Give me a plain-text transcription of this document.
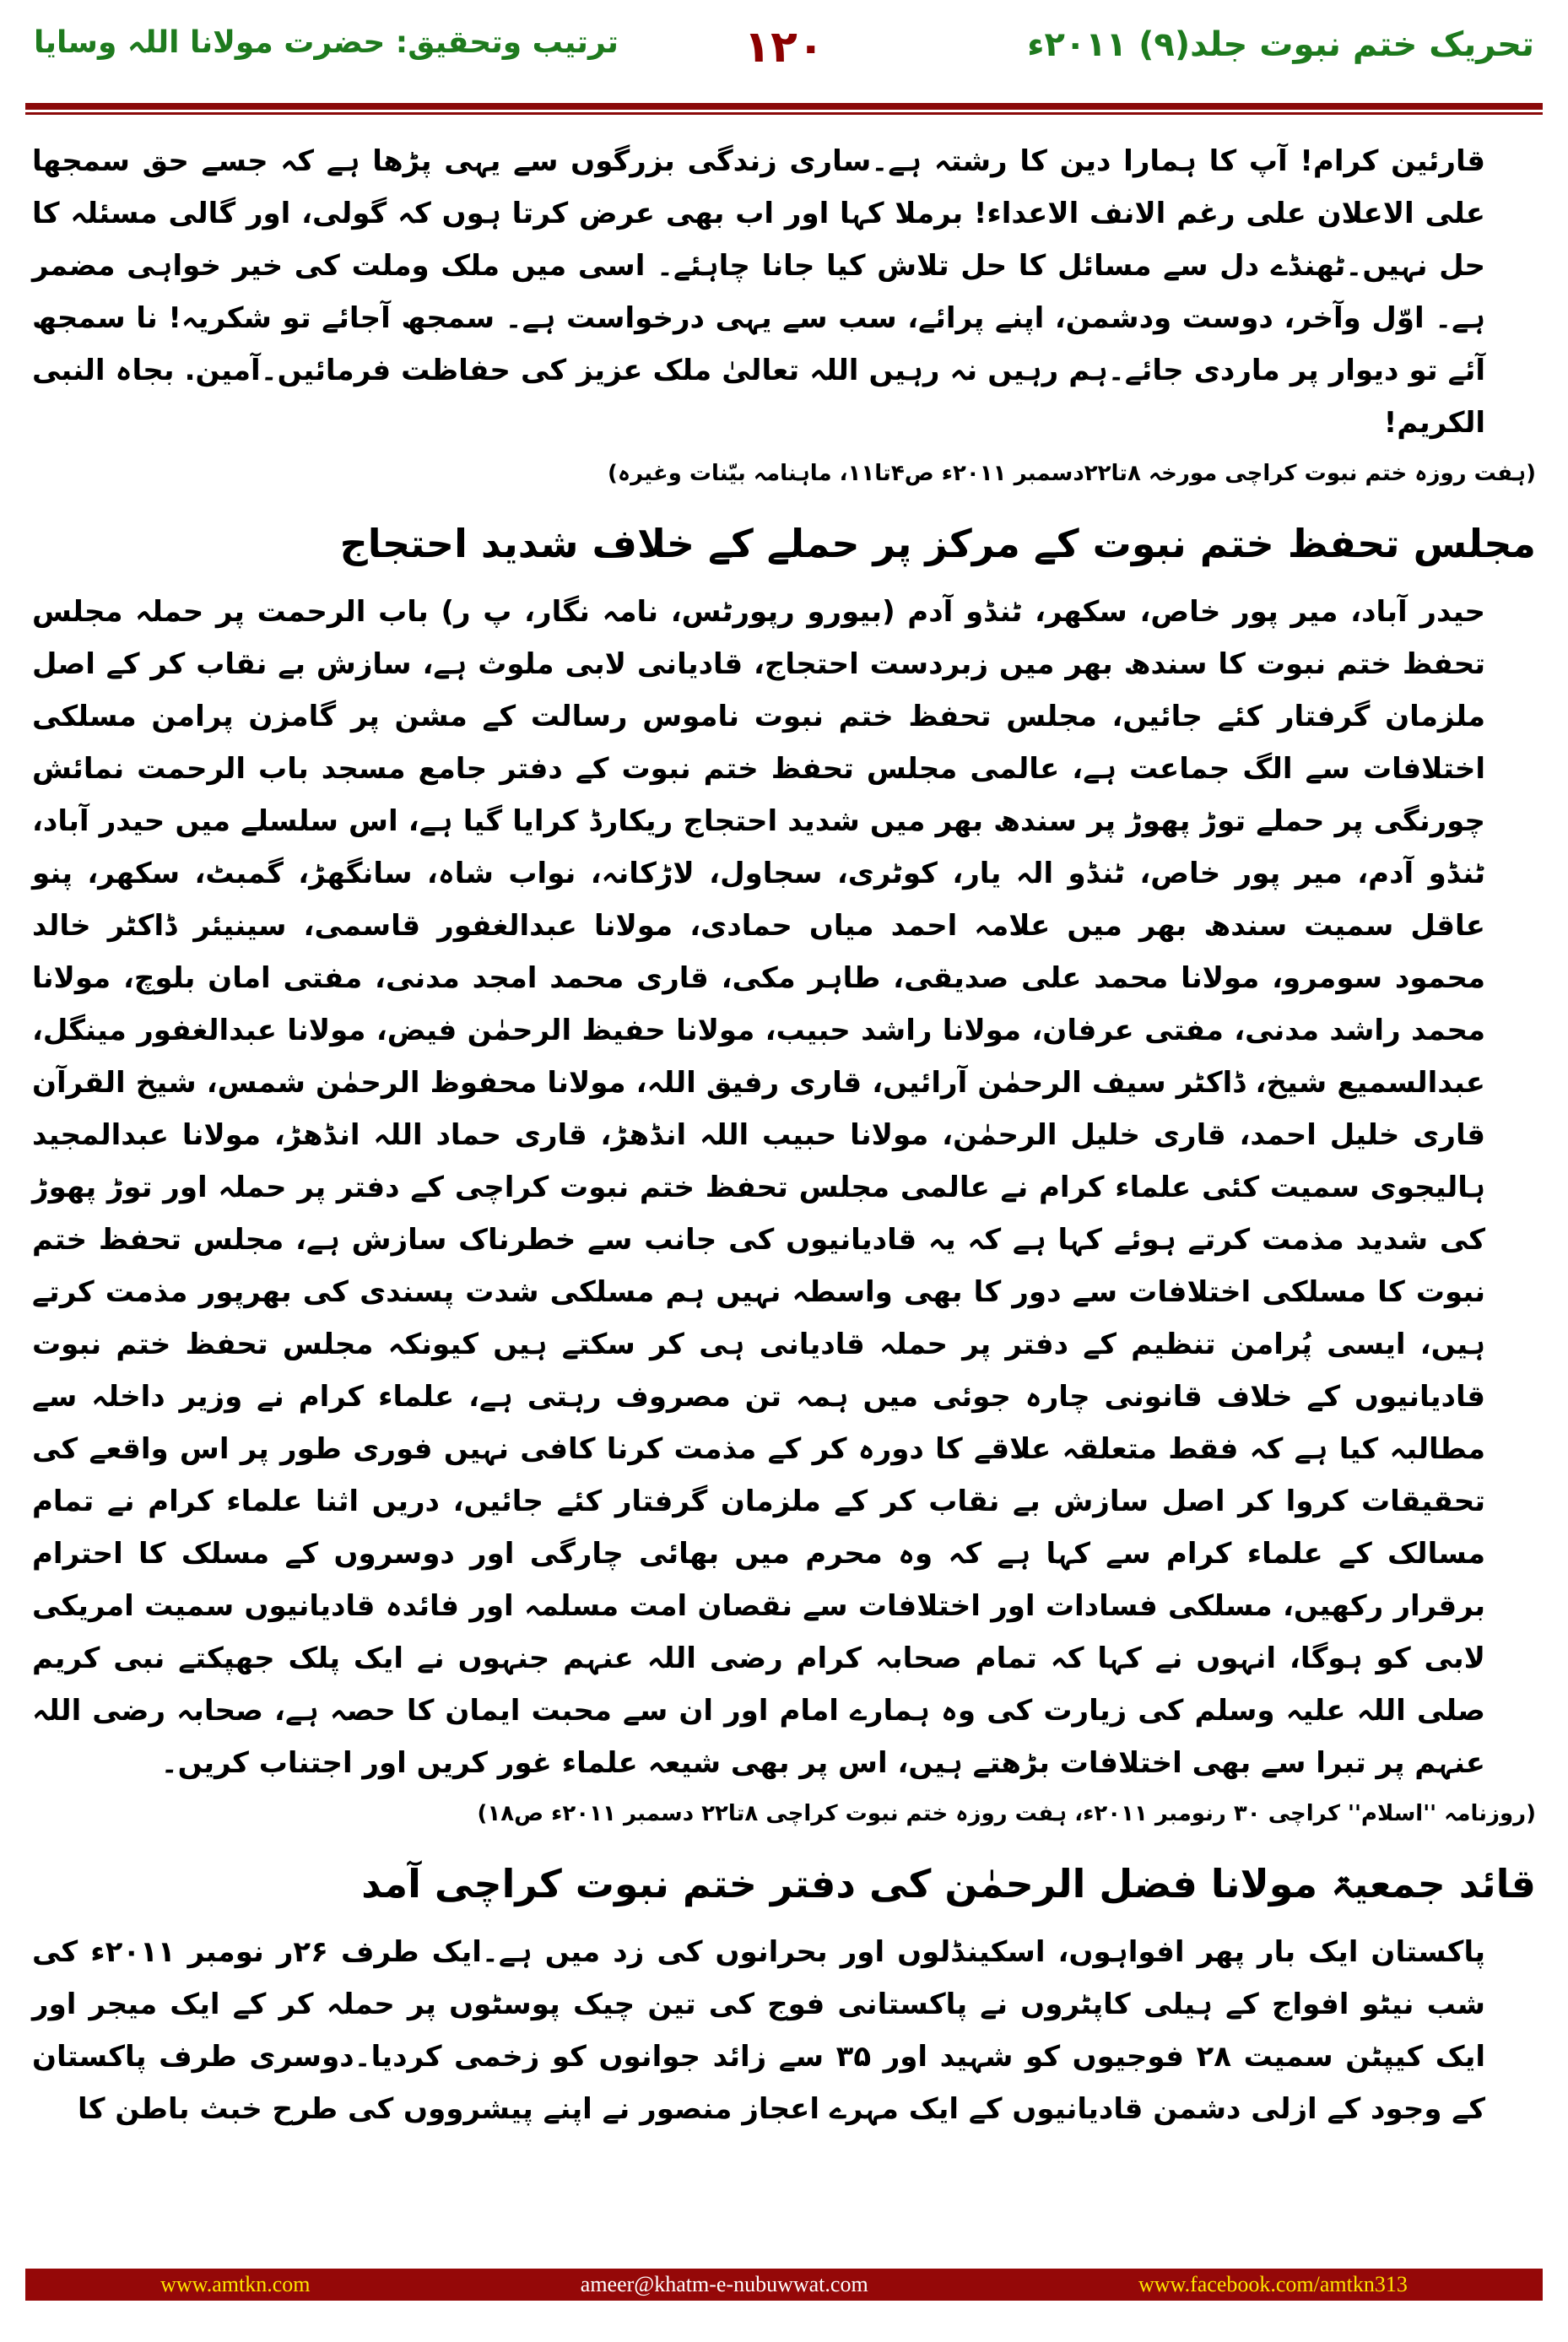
تحریک ختم نبوت جلد(۹) ۲۰۱۱ء
۱۲۰
ترتیب وتحقیق: حضرت مولانا اللہ وسایا

قارئین کرام! آپ کا ہمارا دین کا رشتہ ہے۔ساری زندگی بزرگوں سے یہی پڑھا ہے کہ جسے حق سمجھا علی الاعلان علی رغم الانف الاعداء! برملا کہا اور اب بھی عرض کرتا ہوں کہ گولی، اور گالی مسئلہ کا حل نہیں۔ٹھنڈے دل سے مسائل کا حل تلاش کیا جانا چاہئے۔ اسی میں ملک وملت کی خیر خواہی مضمر ہے۔ اوّل وآخر، دوست ودشمن، اپنے پرائے، سب سے یہی درخواست ہے۔ سمجھ آجائے تو شکریہ! نا سمجھ آئے تو دیوار پر ماردی جائے۔ہم رہیں نہ رہیں اللہ تعالیٰ ملک عزیز کی حفاظت فرمائیں۔آمین. بجاہ النبی الکریم!

(ہفت روزہ ختم نبوت کراچی مورخہ ۸تا۲۲دسمبر ۲۰۱۱ء ص۴تا۱۱، ماہنامہ بیّنات وغیرہ)
مجلس تحفظ ختم نبوت کے مرکز پر حملے کے خلاف شدید احتجاج

حیدر آباد، میر پور خاص، سکھر، ٹنڈو آدم (بیورو رپورٹس، نامہ نگار، پ ر) باب الرحمت پر حملہ مجلس تحفظ ختم نبوت کا سندھ بھر میں زبردست احتجاج، قادیانی لابی ملوث ہے، سازش بے نقاب کر کے اصل ملزمان گرفتار کئے جائیں، مجلس تحفظ ختم نبوت ناموس رسالت کے مشن پر گامزن پرامن مسلکی اختلافات سے الگ جماعت ہے، عالمی مجلس تحفظ ختم نبوت کے دفتر جامع مسجد باب الرحمت نمائش چورنگی پر حملے توڑ پھوڑ پر سندھ بھر میں شدید احتجاج ریکارڈ کرایا گیا ہے، اس سلسلے میں حیدر آباد، ٹنڈو آدم، میر پور خاص، ٹنڈو الہ یار، کوٹری، سجاول، لاڑکانہ، نواب شاہ، سانگھڑ، گمبٹ، سکھر، پنو عاقل سمیت سندھ بھر میں علامہ احمد میاں حمادی، مولانا عبدالغفور قاسمی، سینیئر ڈاکٹر خالد محمود سومرو، مولانا محمد علی صدیقی، طاہر مکی، قاری محمد امجد مدنی، مفتی امان بلوچ، مولانا محمد راشد مدنی، مفتی عرفان، مولانا راشد حبیب، مولانا حفیظ الرحمٰن فیض، مولانا عبدالغفور مینگل، عبدالسمیع شیخ، ڈاکٹر سیف الرحمٰن آرائیں، قاری رفیق اللہ، مولانا محفوظ الرحمٰن شمس، شیخ القرآن قاری خلیل احمد، قاری خلیل الرحمٰن، مولانا حبیب اللہ انڈھڑ، قاری حماد اللہ انڈھڑ، مولانا عبدالمجید ہالیجوی سمیت کئی علماء کرام نے عالمی مجلس تحفظ ختم نبوت کراچی کے دفتر پر حملہ اور توڑ پھوڑ کی شدید مذمت کرتے ہوئے کہا ہے کہ یہ قادیانیوں کی جانب سے خطرناک سازش ہے، مجلس تحفظ ختم نبوت کا مسلکی اختلافات سے دور کا بھی واسطہ نہیں ہم مسلکی شدت پسندی کی بھرپور مذمت کرتے ہیں، ایسی پُرامن تنظیم کے دفتر پر حملہ قادیانی ہی کر سکتے ہیں کیونکہ مجلس تحفظ ختم نبوت قادیانیوں کے خلاف قانونی چارہ جوئی میں ہمہ تن مصروف رہتی ہے، علماء کرام نے وزیر داخلہ سے مطالبہ کیا ہے کہ فقط متعلقہ علاقے کا دورہ کر کے مذمت کرنا کافی نہیں فوری طور پر اس واقعے کی تحقیقات کروا کر اصل سازش بے نقاب کر کے ملزمان گرفتار کئے جائیں، دریں اثنا علماء کرام نے تمام مسالک کے علماء کرام سے کہا ہے کہ وہ محرم میں بھائی چارگی اور دوسروں کے مسلک کا احترام برقرار رکھیں، مسلکی فسادات اور اختلافات سے نقصان امت مسلمہ اور فائدہ قادیانیوں سمیت امریکی لابی کو ہوگا، انہوں نے کہا کہ تمام صحابہ کرام رضی اللہ عنہم جنہوں نے ایک پلک جھپکتے نبی کریم صلی اللہ علیہ وسلم کی زیارت کی وہ ہمارے امام اور ان سے محبت ایمان کا حصہ ہے، صحابہ رضی اللہ عنہم پر تبرا سے بھی اختلافات بڑھتے ہیں، اس پر بھی شیعہ علماء غور کریں اور اجتناب کریں۔

(روزنامہ ''اسلام'' کراچی ۳۰ رنومبر ۲۰۱۱ء، ہفت روزہ ختم نبوت کراچی ۸تا۲۲ دسمبر ۲۰۱۱ء ص۱۸)
قائد جمعیۃ مولانا فضل الرحمٰن کی دفتر ختم نبوت کراچی آمد

پاکستان ایک بار پھر افواہوں، اسکینڈلوں اور بحرانوں کی زد میں ہے۔ایک طرف ۲۶ر نومبر ۲۰۱۱ء کی شب نیٹو افواج کے ہیلی کاپٹروں نے پاکستانی فوج کی تین چیک پوسٹوں پر حملہ کر کے ایک میجر اور ایک کیپٹن سمیت ۲۸ فوجیوں کو شہید اور ۳۵ سے زائد جوانوں کو زخمی کردیا۔دوسری طرف پاکستان کے وجود کے ازلی دشمن قادیانیوں کے ایک مہرے اعجاز منصور نے اپنے پیشرووں کی طرح خبث باطن کا

www.amtkn.com	ameer@khatm-e-nubuwwat.com	www.facebook.com/amtkn313
